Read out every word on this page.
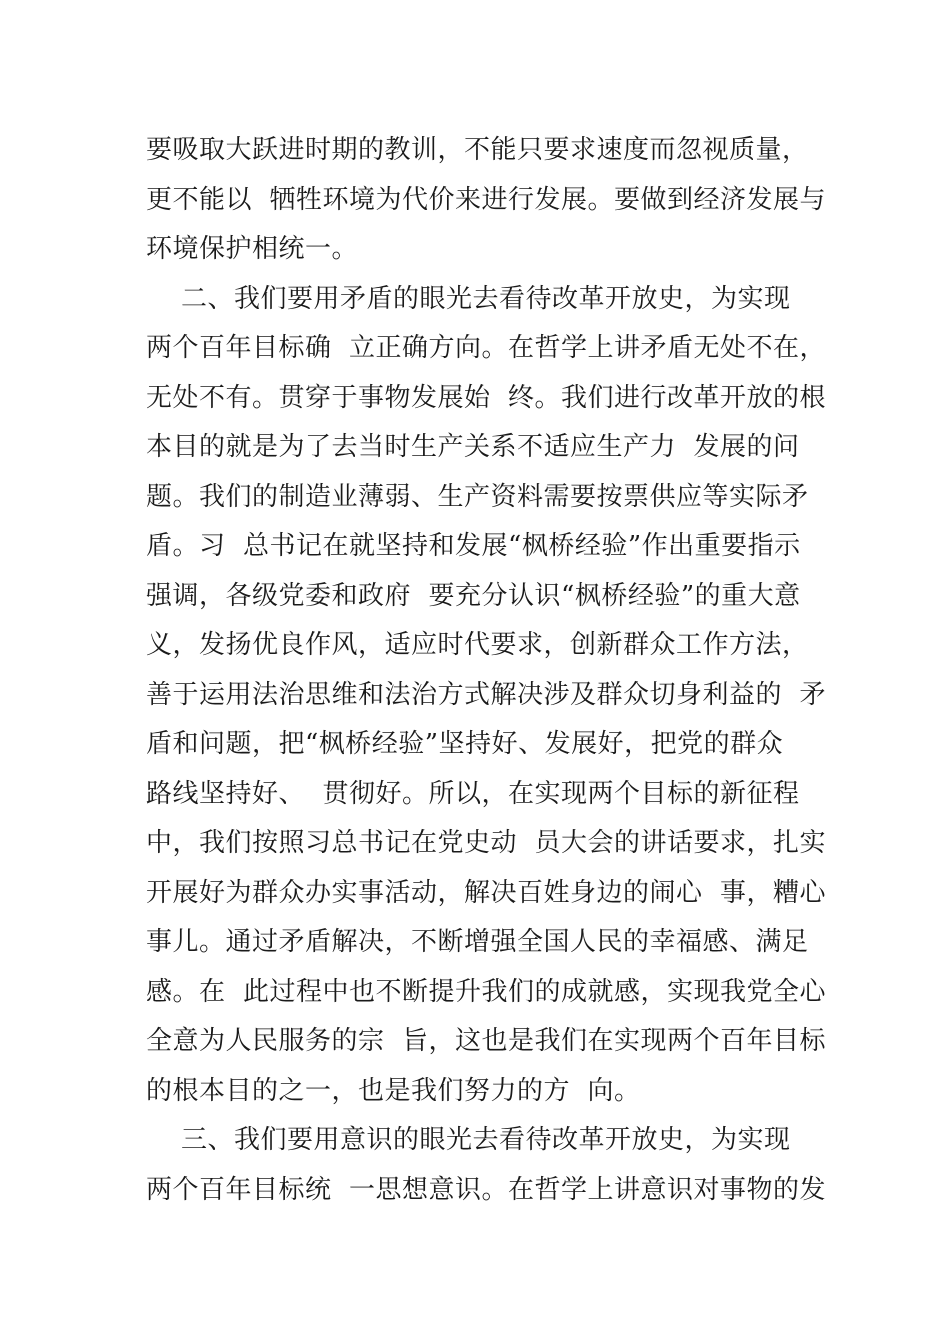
要吸取大跃进时期的教训，不能只要求速度而忽视质量，
更不能以  牺牲环境为代价来进行发展。要做到经济发展与
环境保护相统一。
二、我们要用矛盾的眼光去看待改革开放史，为实现
两个百年目标确  立正确方向。在哲学上讲矛盾无处不在，
无处不有。贯穿于事物发展始  终。我们进行改革开放的根
本目的就是为了去当时生产关系不适应生产力  发展的问
题。我们的制造业薄弱、生产资料需要按票供应等实际矛
盾。习  总书记在就坚持和发展“枫桥经验”作出重要指示
强调，各级党委和政府  要充分认识“枫桥经验”的重大意
义，发扬优良作风，适应时代要求，创新群众工作方法，
善于运用法治思维和法治方式解决涉及群众切身利益的  矛
盾和问题，把“枫桥经验”坚持好、发展好，把党的群众
路线坚持好、  贯彻好。所以，在实现两个目标的新征程
中，我们按照习总书记在党史动  员大会的讲话要求，扎实
开展好为群众办实事活动，解决百姓身边的闹心  事，糟心
事儿。通过矛盾解决，不断增强全国人民的幸福感、满足
感。在  此过程中也不断提升我们的成就感，实现我党全心
全意为人民服务的宗  旨，这也是我们在实现两个百年目标
的根本目的之一，也是我们努力的方  向。
三、我们要用意识的眼光去看待改革开放史，为实现
两个百年目标统  一思想意识。在哲学上讲意识对事物的发
